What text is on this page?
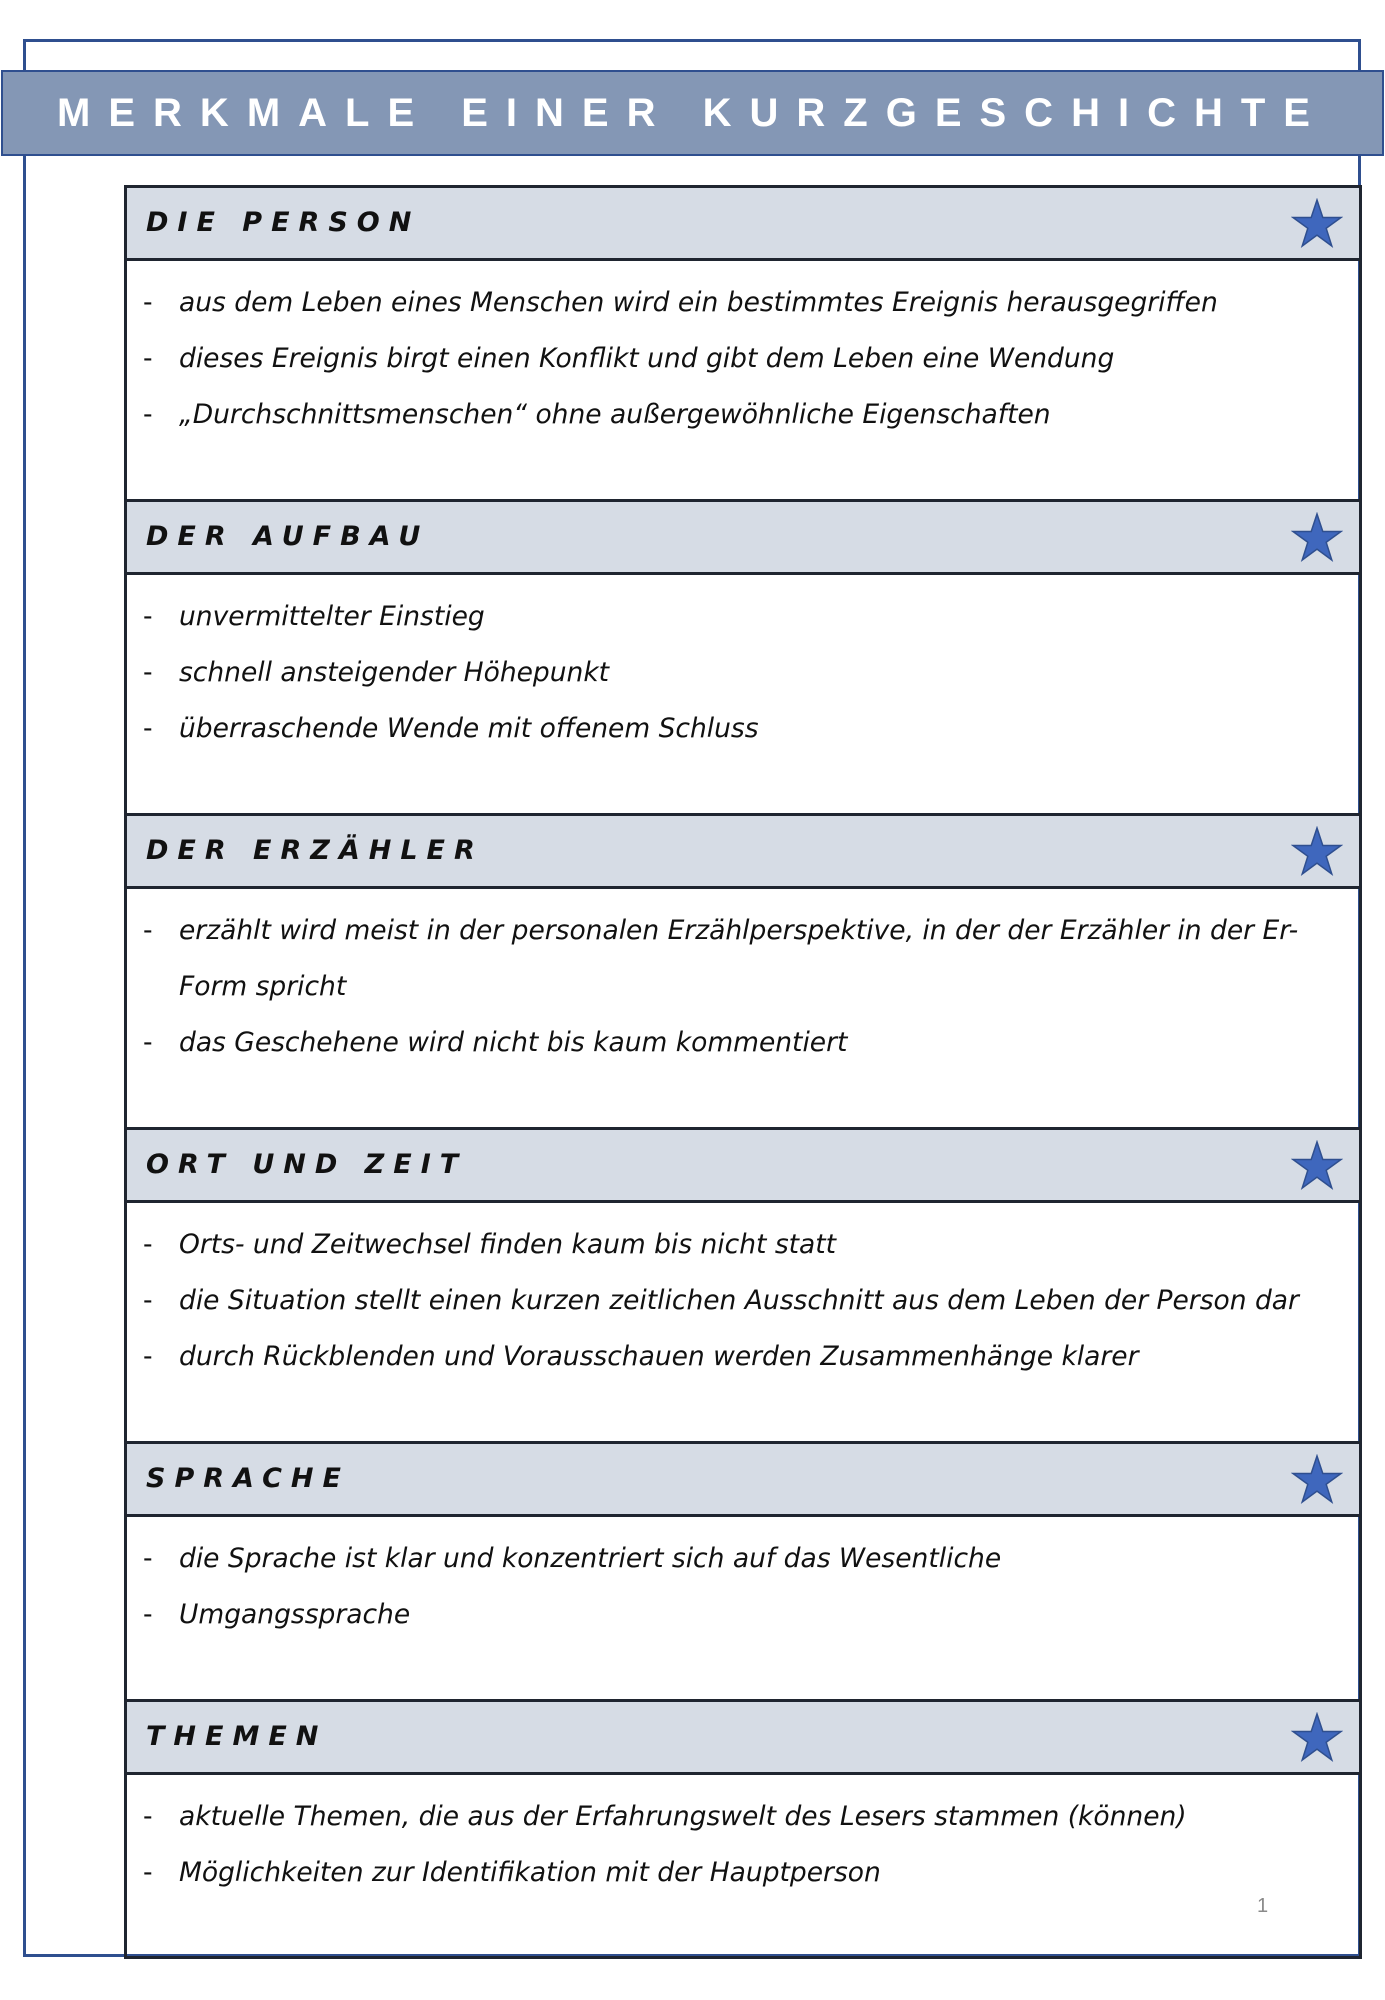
MERKMALE EINER KURZGESCHICHTE
DIE PERSON
- aus dem Leben eines Menschen wird ein bestimmtes Ereignis herausgegriffen
- dieses Ereignis birgt einen Konflikt und gibt dem Leben eine Wendung
- „Durchschnittsmenschen“ ohne außergewöhnliche Eigenschaften
DER AUFBAU
- unvermittelter Einstieg
- schnell ansteigender Höhepunkt
- überraschende Wende mit offenem Schluss
DER ERZÄHLER
- erzählt wird meist in der personalen Erzählperspektive, in der der Erzähler in der Er-Form spricht
- das Geschehene wird nicht bis kaum kommentiert
ORT UND ZEIT
- Orts- und Zeitwechsel finden kaum bis nicht statt
- die Situation stellt einen kurzen zeitlichen Ausschnitt aus dem Leben der Person dar
- durch Rückblenden und Vorausschauen werden Zusammenhänge klarer
SPRACHE
- die Sprache ist klar und konzentriert sich auf das Wesentliche
- Umgangssprache
THEMEN
- aktuelle Themen, die aus der Erfahrungswelt des Lesers stammen (können)
- Möglichkeiten zur Identifikation mit der Hauptperson
1
